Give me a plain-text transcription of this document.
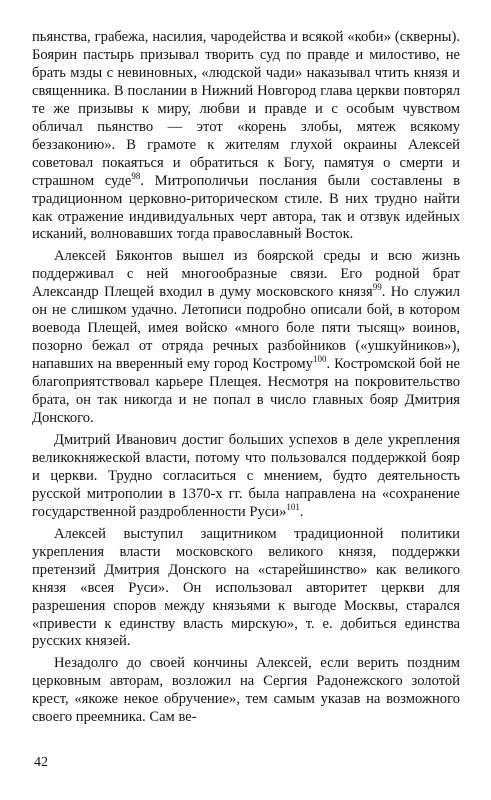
пьянства, грабежа, насилия, чародейства и всякой «коби» (скверны). Боярин пастырь призывал творить суд по правде и милостиво, не брать мзды с невиновных, «людской чади» наказывал чтить князя и священника. В послании в Нижний Новгород глава церкви повторял те же призывы к миру, любви и правде и с особым чувством обличал пьянство — этот «корень злобы, мятеж всякому беззаконию». В грамоте к жителям глухой окраины Алексей советовал покаяться и обратиться к Богу, памятуя о смерти и страшном суде$^{98}$. Митрополичьи послания были составлены в традиционном церковно-риторическом стиле. В них трудно найти как отражение индивидуальных черт автора, так и отзвук идейных исканий, волновавших тогда православный Восток.

Алексей Бяконтов вышел из боярской среды и всю жизнь поддерживал с ней многообразные связи. Его родной брат Александр Плещей входил в думу московского князя$^{99}$. Но служил он не слишком удачно. Летописи подробно описали бой, в котором воевода Плещей, имея войско «много боле пяти тысящ» воинов, позорно бежал от отряда речных разбойников («ушкуйников»), напавших на вверенный ему город Кострому$^{100}$. Костромской бой не благоприятствовал карьере Плещея. Несмотря на покровительство брата, он так никогда и не попал в число главных бояр Дмитрия Донского.

Дмитрий Иванович достиг больших успехов в деле укрепления великокняжеской власти, потому что пользовался поддержкой бояр и церкви. Трудно согласиться с мнением, будто деятельность русской митрополии в 1370-х гг. была направлена на «сохранение государственной раздробленности Руси»$^{101}$.

Алексей выступил защитником традиционной политики укрепления власти московского великого князя, поддержки претензий Дмитрия Донского на «старейшинство» как великого князя «всея Руси». Он использовал авторитет церкви для разрешения споров между князьями к выгоде Москвы, старался «привести к единству власть мирскую», т. е. добиться единства русских князей.

Незадолго до своей кончины Алексей, если верить поздним церковным авторам, возложил на Сергия Радонежского золотой крест, «якоже некое обручение», тем самым указав на возможного своего преемника. Сам ве-

42
